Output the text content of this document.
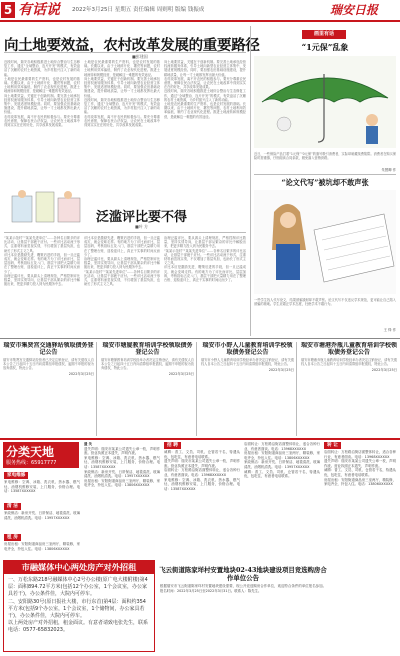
5 有话说 2022年3月25日 星期五 责任编辑 周则明 版编 钱振成	瑞安日报
向土地要效益，农村改革发展的重要路径
■彭建国

近段时间，瑞安各地积极推进土地综合整治与生态修复工作，通过“全域整治、连片开发”的模式，有效盘活了沉睡的农村土地资源，为乡村振兴注入了新的动能。

土地是农民最重要的生产资料，也是农村发展的基础。长期以来，由于土地碎片化、撂荒等问题，农村土地利用效率偏低，制约了农业现代化进程。推进土地流转和规模经营，是破解这一难题的有效途径。

向土地要效益，关键在于创新机制。要完善土地承包经营权流转服务体系，引导土地向新型农业经营主体集中，发展适度规模经营。同时，要加强农田基础设施建设，提升耕地质量，让每一寸土地都发挥出最大价值。

农村改革发展，离不开农民的积极参与。要充分尊重农民意愿，保障农民合法权益，让农民在土地改革中得到实实在在的好处，共享改革发展成果。

土地是农民最重要的生产资料，也是农村发展的基础。长期以来，由于土地碎片化、撂荒等问题，农村土地利用效率偏低，制约了农业现代化进程。推进土地流转和规模经营，是破解这一难题的有效途径。

向土地要效益，关键在于创新机制。要完善土地承包经营权流转服务体系，引导土地向新型农业经营主体集中，发展适度规模经营。同时，要加强农田基础设施建设，提升耕地质量，让每一寸土地都发挥出最大价值。

近段时间，瑞安各地积极推进土地综合整治与生态修复工作，通过“全域整治、连片开发”的模式，有效盘活了沉睡的农村土地资源，为乡村振兴注入了新的动能。

农村改革发展，离不开农民的积极参与。要充分尊重农民意愿，保障农民合法权益，让农民在土地改革中得到实实在在的好处，共享改革发展成果。

向土地要效益，关键在于创新机制。要完善土地承包经营权流转服务体系，引导土地向新型农业经营主体集中，发展适度规模经营。同时，要加强农田基础设施建设，提升耕地质量，让每一寸土地都发挥出最大价值。

农村改革发展，离不开农民的积极参与。要充分尊重农民意愿，保障农民合法权益，让农民在土地改革中得到实实在在的好处，共享改革发展成果。

近段时间，瑞安各地积极推进土地综合整治与生态修复工作，通过“全域整治、连片开发”的模式，有效盘活了沉睡的农村土地资源，为乡村振兴注入了新的动能。

土地是农民最重要的生产资料，也是农村发展的基础。长期以来，由于土地碎片化、撂荒等问题，农村土地利用效率偏低，制约了农业现代化进程。推进土地流转和规模经营，是破解这一难题的有效途径。

泛滥评比要不得
■叶 方

“某某示范村”“某某先进单位”……各种名目繁多的评比活动，让基层干部疲于应付。一些评比活动流于形式，注重材料而忽视实绩，不仅增加了基层负担，也助长了形式主义之风。

评比本应是激励先进、鞭策后进的手段，但一旦泛滥成灾，就会变味走样。有的地方为了评比而评比，层层加码，考核指标五花八门，基层干部把大量精力用在了整理台账、迎检迎评上，真正干实事的时间反而少了。

治理泛滥评比，要从源头上清理规范，严格控制评比数量，坚持实绩导向，让基层干部从繁杂的评比中解脱出来，把更多精力投入到为民服务中去。

评比本应是激励先进、鞭策后进的手段，但一旦泛滥成灾，就会变味走样。有的地方为了评比而评比，层层加码，考核指标五花八门，基层干部把大量精力用在了整理台账、迎检迎评上，真正干实事的时间反而少了。

治理泛滥评比，要从源头上清理规范，严格控制评比数量，坚持实绩导向，让基层干部从繁杂的评比中解脱出来，把更多精力投入到为民服务中去。

“某某示范村”“某某先进单位”……各种名目繁多的评比活动，让基层干部疲于应付。一些评比活动流于形式，注重材料而忽视实绩，不仅增加了基层负担，也助长了形式主义之风。

治理泛滥评比，要从源头上清理规范，严格控制评比数量，坚持实绩导向，让基层干部从繁杂的评比中解脱出来，把更多精力投入到为民服务中去。

“某某示范村”“某某先进单位”……各种名目繁多的评比活动，让基层干部疲于应付。一些评比活动流于形式，注重材料而忽视实绩，不仅增加了基层负担，也助长了形式主义之风。

评比本应是激励先进、鞭策后进的手段，但一旦泛滥成灾，就会变味走样。有的地方为了评比而评比，层层加码，考核指标五花八门，基层干部把大量精力用在了整理台账、迎检迎评上，真正干实事的时间反而少了。

画里有话
“1元保”乱象

近日，一些保险产品打着“1元保”“0元保”的旗号吸引消费者，实际却暗藏续费陷阱。消费者在购买保险时需谨慎，仔细阅读合同条款，避免落入营销套路。

朱慧卿 作
“论文代写”被坑却不敢声张

一些学生找人代写论文，结果被骗钱财却不敢声张。论文代写不仅违反学术规范，更可能让自己陷入被骗的境地。学生应端正学术态度，杜绝学术不端行为。

王 铎 作
瑞安市集贤宫交通驿站领取债务登记公告

瑞安市集贤宫交通驿站经营者已决定注销登记，请有关债权人自本公告之日起四十五日内向清算组申报债权，逾期不申报的视为放弃债权，特此公告。

2022年3月25日

瑞安市塘厦教育培训学校领取债务登记公告

瑞安市塘厦教育培训学校经举办者决定注销登记，请有关债权人自本公告之日起四十五日内向清算组申报债权，逾期不申报的视为放弃债权，特此公告。

2022年3月25日

瑞安市小野人儿童教育培训学校领取债务登记公告

瑞安市小野人儿童教育培训学校经举办者决定注销登记，请有关债权人自本公告之日起四十五日内向清算组申报债权，特此公告。

2022年3月25日

瑞安市塘港乔瓶儿童教育培训学校领取债务登记公告

瑞安市塘港乔瓶儿童教育培训学校经举办者决定注销登记，请有关债权人自本公告之日起四十五日内向清算组申报债权，特此公告。

2022年3月25日

分类天地
服务热线：65917777
家电维修
家电维修：空调、冰箱、洗衣机、热水器、燃气灶、油烟机维修安装，上门服务，价格合理。电话：13587XXXXXX
清 洁
家政保洁：新房开荒、日常保洁、地毯清洗、玻璃清洗、油烟机清洗。电话：13957XXXXXX
租 房
房屋出租：安阳街道商品房三室两厅，精装修，家电齐全，拎包入住。电话：13806XXXXXX
遗 失

遗失声明：瑞安市某某公司遗失公章一枚，声明作废。营业执照正本遗失，声明作废。

家电维修：空调、冰箱、洗衣机、热水器、燃气灶、油烟机维修安装，上门服务，价格合理。电话：13587XXXXXX

家政保洁：新房开荒、日常保洁、地毯清洗、玻璃清洗、油烟机清洗。电话：13957XXXXXX

房屋出租：安阳街道商品房三室两厅，精装修，家电齐全，拎包入住。电话：13806XXXXXX

招 聘

诚聘：普工、文员、司机、仓管若干名，待遇从优，包吃住，有意者电话联系。

遗失声明：瑞安市某某公司遗失公章一枚，声明作废。营业执照正本遗失，声明作废。

店面转让：万松路沿街店面整体转让，适合各种行业，有意者面谈。电话：13968XXXXXX

家电维修：空调、冰箱、洗衣机、热水器、燃气灶、油烟机维修安装，上门服务，价格合理。电话：13587XXXXXX

店面转让：万松路沿街店面整体转让，适合各种行业，有意者面谈。电话：13968XXXXXX

房屋出租：安阳街道商品房三室两厅，精装修，家电齐全，拎包入住。电话：13806XXXXXX

家政保洁：新房开荒、日常保洁、地毯清洗、玻璃清洗、油烟机清洗。电话：13957XXXXXX

诚聘：普工、文员、司机、仓管若干名，待遇从优，包吃住，有意者电话联系。

转 让

店面转让：万松路沿街店面整体转让，适合各种行业，有意者面谈。电话：13968XXXXXX

遗失声明：瑞安市某某公司遗失公章一枚，声明作废。营业执照正本遗失，声明作废。

诚聘：普工、文员、司机、仓管若干名，待遇从优，包吃住，有意者电话联系。

房屋出租：安阳街道商品房三室两厅，精装修，家电齐全，拎包入住。电话：13806XXXXXX

市融媒体中心两处房产对外招租

一、万松东路218号融媒体中心2号办公楼(原广电大楼附楼)第4层：面积894.72平方米(包括12个办公室，1个会议室，办公家具若干)，办公条件佳，大院内可停车。

二、安阳路30号(原日报社大楼，市行东首)第4层：面积约354平方米(包括9个办公室，1个会议室，1个储物间，办公家具若干)，办公条件佳，大院内可停车。

以上两处房产对外招租，租金面议。有意者请致电张先生，联系电话：0577-65832023。

飞云街道陈家垟村安置地块02-43地块建设项目竞选购房合作单位公告
根据瑞安市飞云街道陈家垟村安置地块建设需要，现公开竞选购房合作单位，欢迎符合条件的单位报名参加。报名时间：2022年3月25日至2022年3月31日。联系人：陈先生。
